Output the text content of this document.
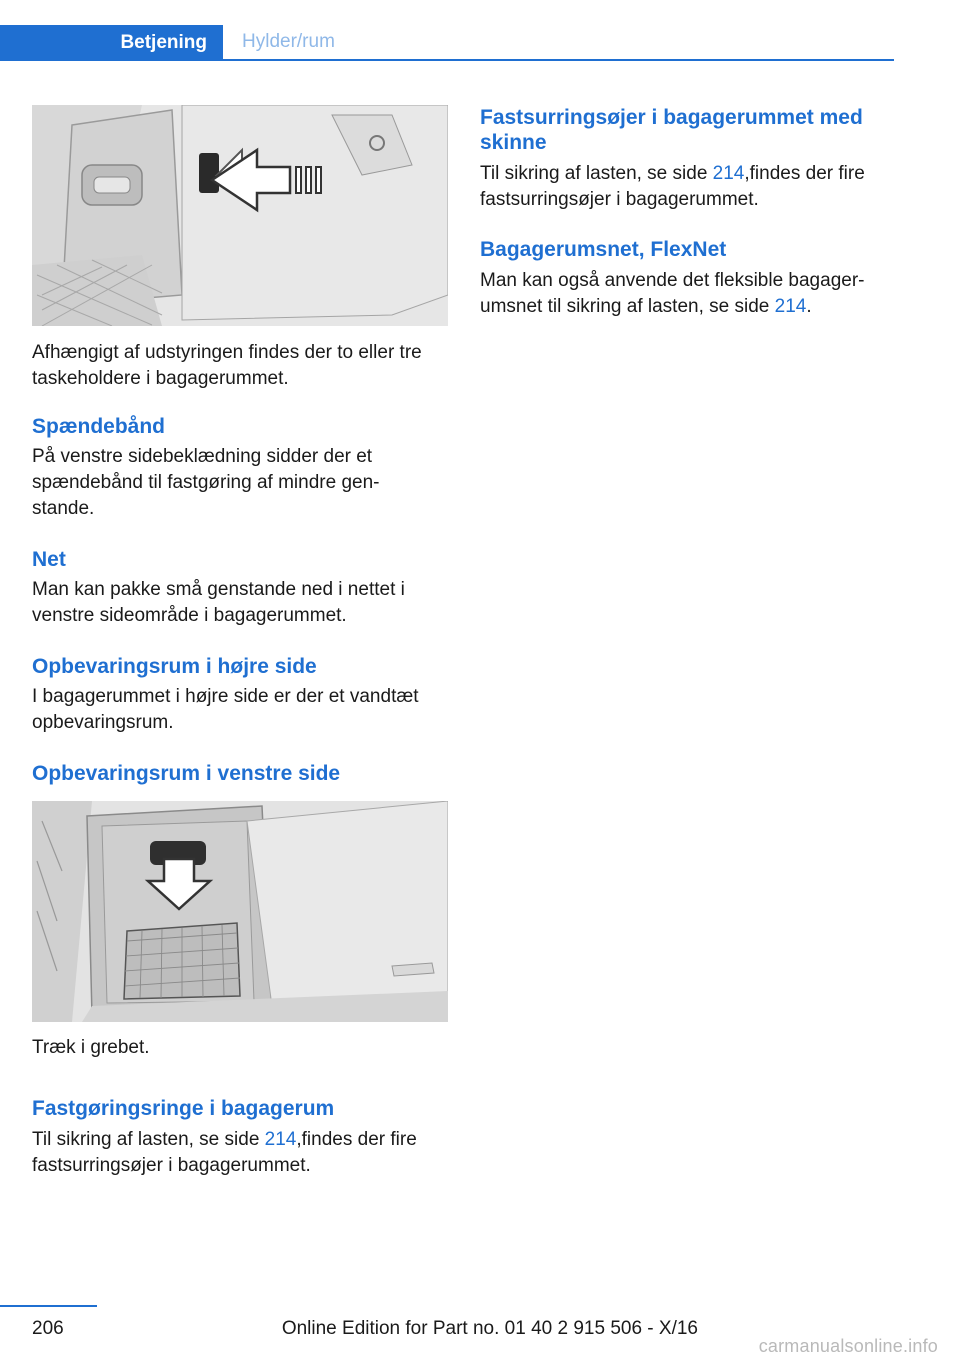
Betjening Hylder/rum

Afhængigt af udstyringen findes der to eller tre taskeholdere i bagagerummet.

Spændebånd

På venstre sidebeklædning sidder der et spændebånd til fastgøring af mindre gen-stande.

Net

Man kan pakke små genstande ned i nettet i venstre sideområde i bagagerummet.

Opbevaringsrum i højre side

I bagagerummet i højre side er der et vandtæt opbevaringsrum.

Opbevaringsrum i venstre side

Træk i grebet.

Fastgøringsringe i bagagerum

Til sikring af lasten, se side 214,findes der fire fastsurringsøjer i bagagerummet.

Fastsurringsøjer i bagagerummet med skinne

Til sikring af lasten, se side 214,findes der fire fastsurringsøjer i bagagerummet.

Bagagerumsnet, FlexNet

Man kan også anvende det fleksible bagager-umsnet til sikring af lasten, se side 214.

206	Online Edition for Part no. 01 40 2 915 506 - X/16
carmanualsonline.info
